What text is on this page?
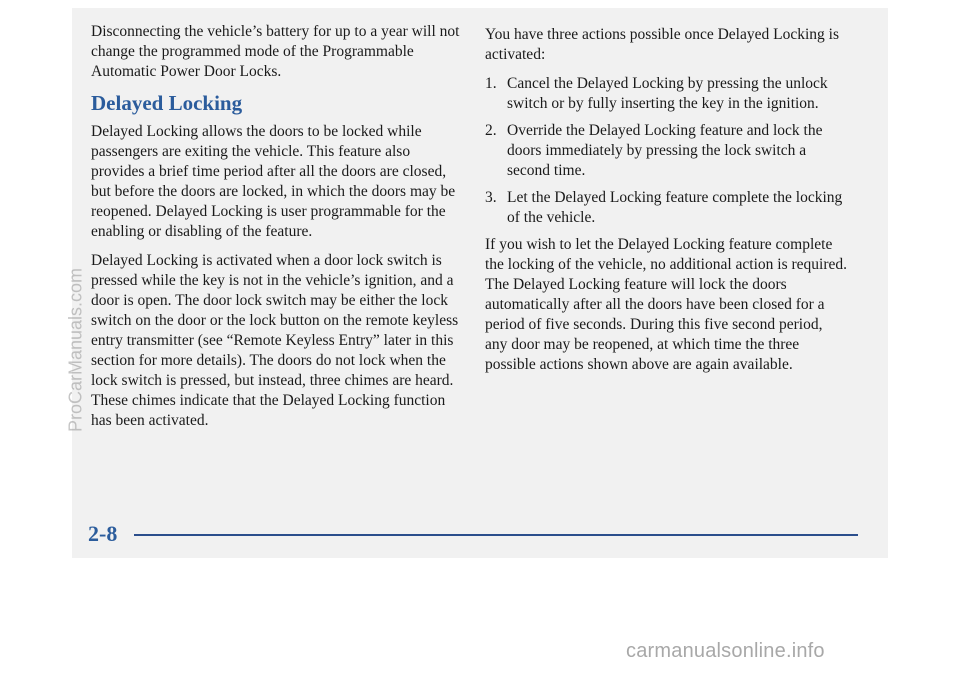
Disconnecting the vehicle’s battery for up to a year will not change the programmed mode of the Programmable Automatic Power Door Locks.

Delayed Locking

Delayed Locking allows the doors to be locked while passengers are exiting the vehicle. This feature also provides a brief time period after all the doors are closed, but before the doors are locked, in which the doors may be reopened. Delayed Locking is user programmable for the enabling or disabling of the feature.

Delayed Locking is activated when a door lock switch is pressed while the key is not in the vehicle’s ignition, and a door is open. The door lock switch may be either the lock switch on the door or the lock button on the remote keyless entry transmitter (see “Remote Keyless Entry” later in this section for more details). The doors do not lock when the lock switch is pressed, but instead, three chimes are heard. These chimes indicate that the Delayed Locking function has been activated.

You have three actions possible once Delayed Locking is activated:

1. Cancel the Delayed Locking by pressing the unlock switch or by fully inserting the key in the ignition.
2. Override the Delayed Locking feature and lock the doors immediately by pressing the lock switch a second time.
3. Let the Delayed Locking feature complete the locking of the vehicle.

If you wish to let the Delayed Locking feature complete the locking of the vehicle, no additional action is required. The Delayed Locking feature will lock the doors automatically after all the doors have been closed for a period of five seconds. During this five second period, any door may be reopened, at which time the three possible actions shown above are again available.

2-8
ProCarManuals.com
carmanualsonline.info
